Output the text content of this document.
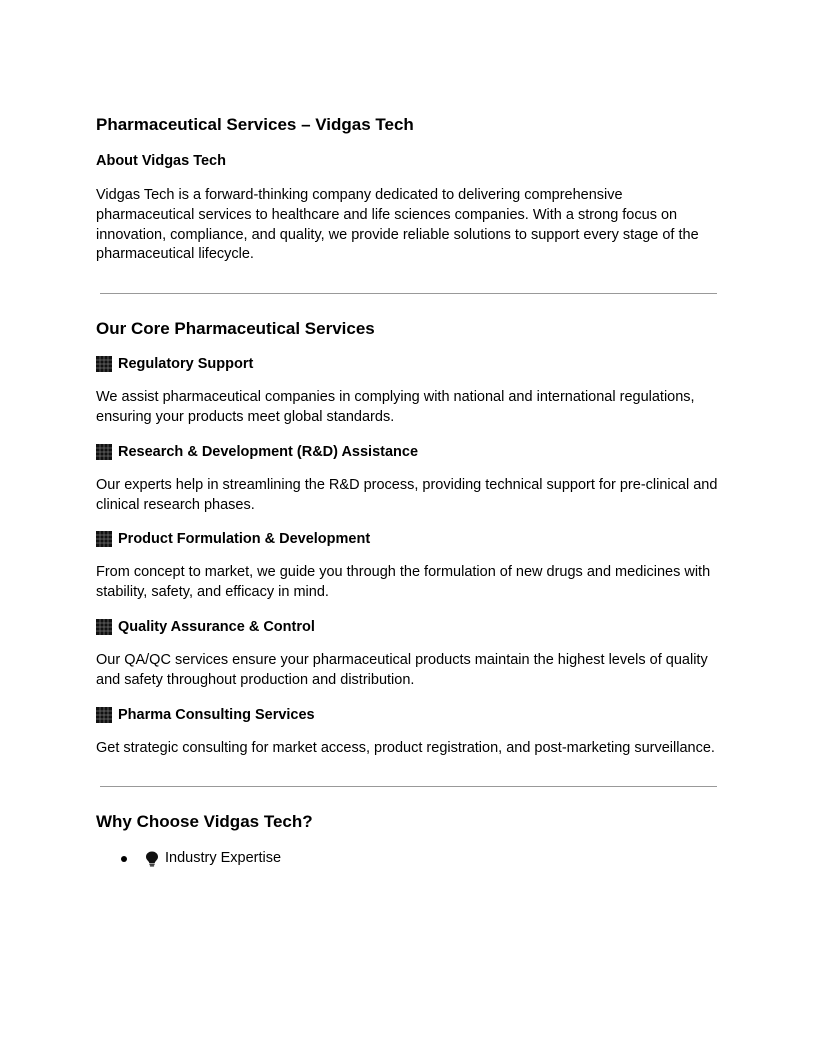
Pharmaceutical Services – Vidgas Tech
About Vidgas Tech

Vidgas Tech is a forward-thinking company dedicated to delivering comprehensive pharmaceutical services to healthcare and life sciences companies. With a strong focus on innovation, compliance, and quality, we provide reliable solutions to support every stage of the pharmaceutical lifecycle.

Our Core Pharmaceutical Services
Regulatory Support

We assist pharmaceutical companies in complying with national and international regulations, ensuring your products meet global standards.

Research & Development (R&D) Assistance

Our experts help in streamlining the R&D process, providing technical support for pre-clinical and clinical research phases.

Product Formulation & Development

From concept to market, we guide you through the formulation of new drugs and medicines with stability, safety, and efficacy in mind.

Quality Assurance & Control

Our QA/QC services ensure your pharmaceutical products maintain the highest levels of quality and safety throughout production and distribution.

Pharma Consulting Services

Get strategic consulting for market access, product registration, and post-marketing surveillance.

Why Choose Vidgas Tech?
Industry Expertise
